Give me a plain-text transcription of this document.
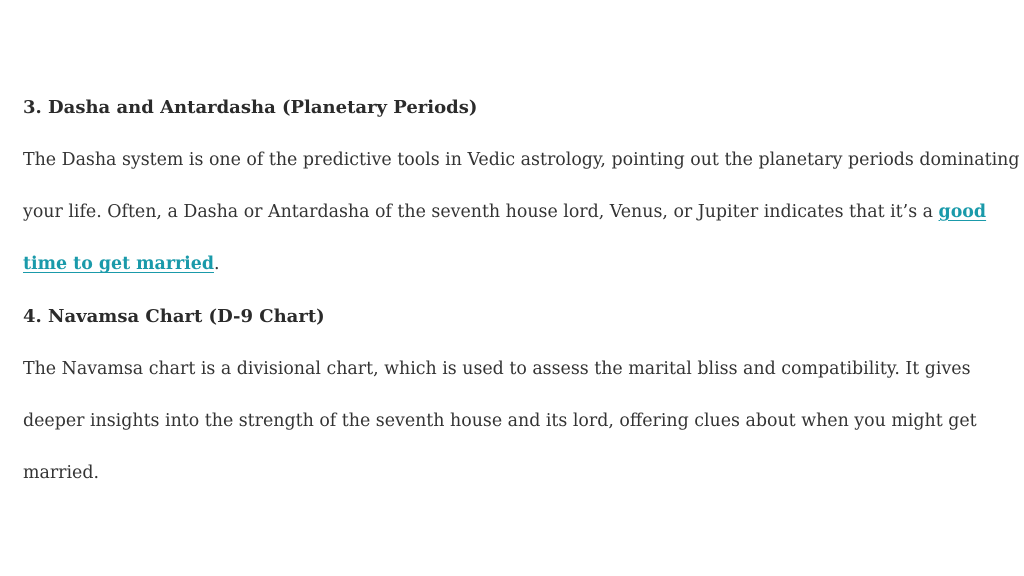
3. Dasha and Antardasha (Planetary Periods)

The Dasha system is one of the predictive tools in Vedic astrology, pointing out the planetary periods dominating
your life. Often, a Dasha or Antardasha of the seventh house lord, Venus, or Jupiter indicates that it’s a good
time to get married.

4. Navamsa Chart (D-9 Chart)

The Navamsa chart is a divisional chart, which is used to assess the marital bliss and compatibility. It gives
deeper insights into the strength of the seventh house and its lord, offering clues about when you might get
married.
